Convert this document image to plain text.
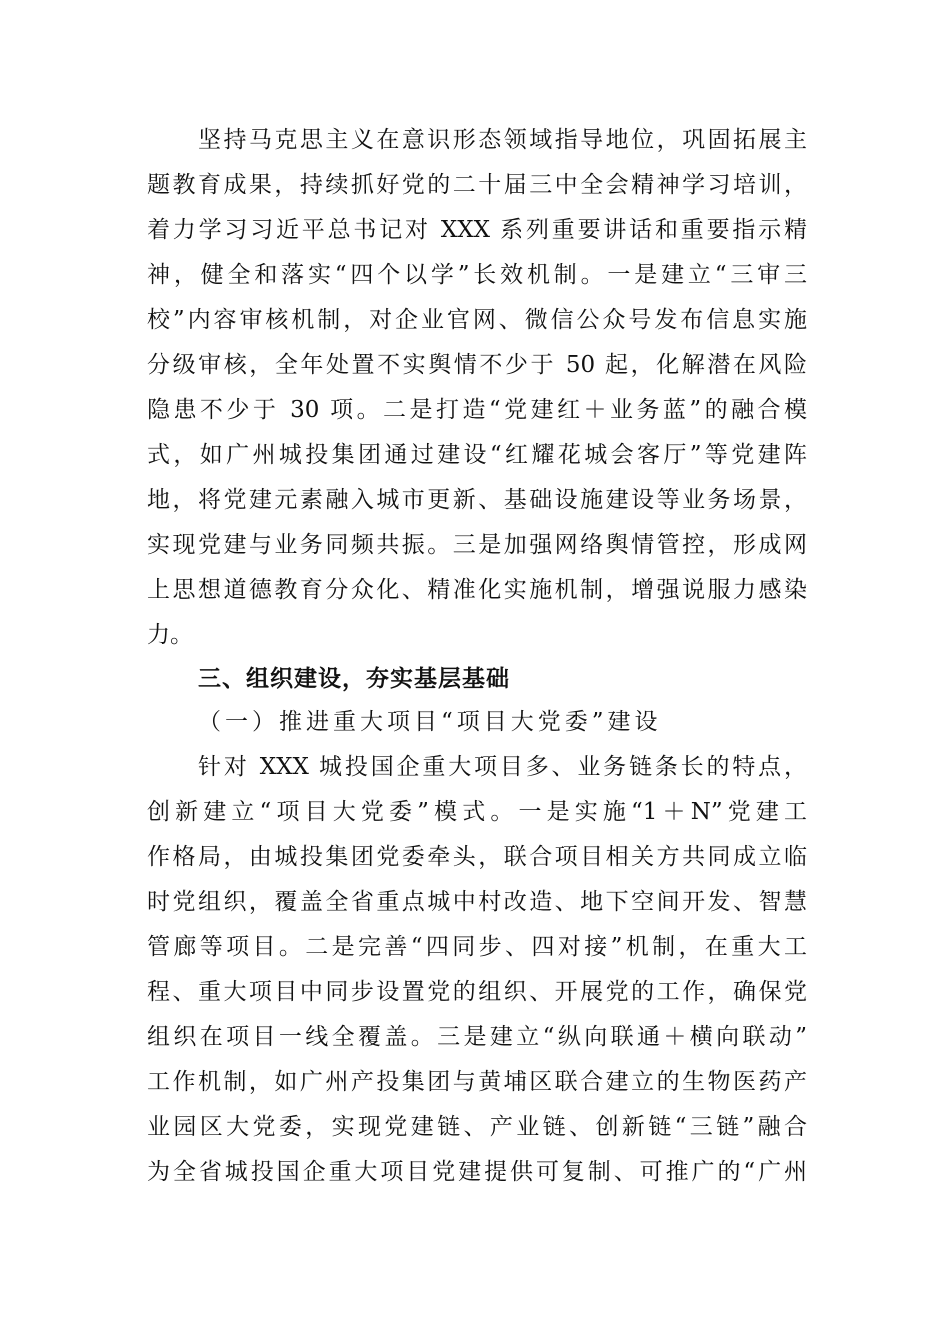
坚持马克思主义在意识形态领域指导地位，巩固拓展主
题教育成果，持续抓好党的二十届三中全会精神学习培训，
着力学习习近平总书记对 XXX 系列重要讲话和重要指示精
神，健全和落实“四个以学”长效机制。一是建立“三审三
校”内容审核机制，对企业官网、微信公众号发布信息实施
分级审核，全年处置不实舆情不少于 50 起，化解潜在风险
隐患不少于 30 项。二是打造“党建红＋业务蓝”的融合模
式，如广州城投集团通过建设“红耀花城会客厅”等党建阵
地，将党建元素融入城市更新、基础设施建设等业务场景，
实现党建与业务同频共振。三是加强网络舆情管控，形成网
上思想道德教育分众化、精准化实施机制，增强说服力感染
力。
三、组织建设，夯实基层基础
（一）推进重大项目“项目大党委”建设
针对 XXX 城投国企重大项目多、业务链条长的特点，
创新建立“项目大党委”模式。一是实施“1＋N”党建工
作格局，由城投集团党委牵头，联合项目相关方共同成立临
时党组织，覆盖全省重点城中村改造、地下空间开发、智慧
管廊等项目。二是完善“四同步、四对接”机制，在重大工
程、重大项目中同步设置党的组织、开展党的工作，确保党
组织在项目一线全覆盖。三是建立“纵向联通＋横向联动”
工作机制，如广州产投集团与黄埔区联合建立的生物医药产
业园区大党委，实现党建链、产业链、创新链“三链”融合
为全省城投国企重大项目党建提供可复制、可推广的“广州
